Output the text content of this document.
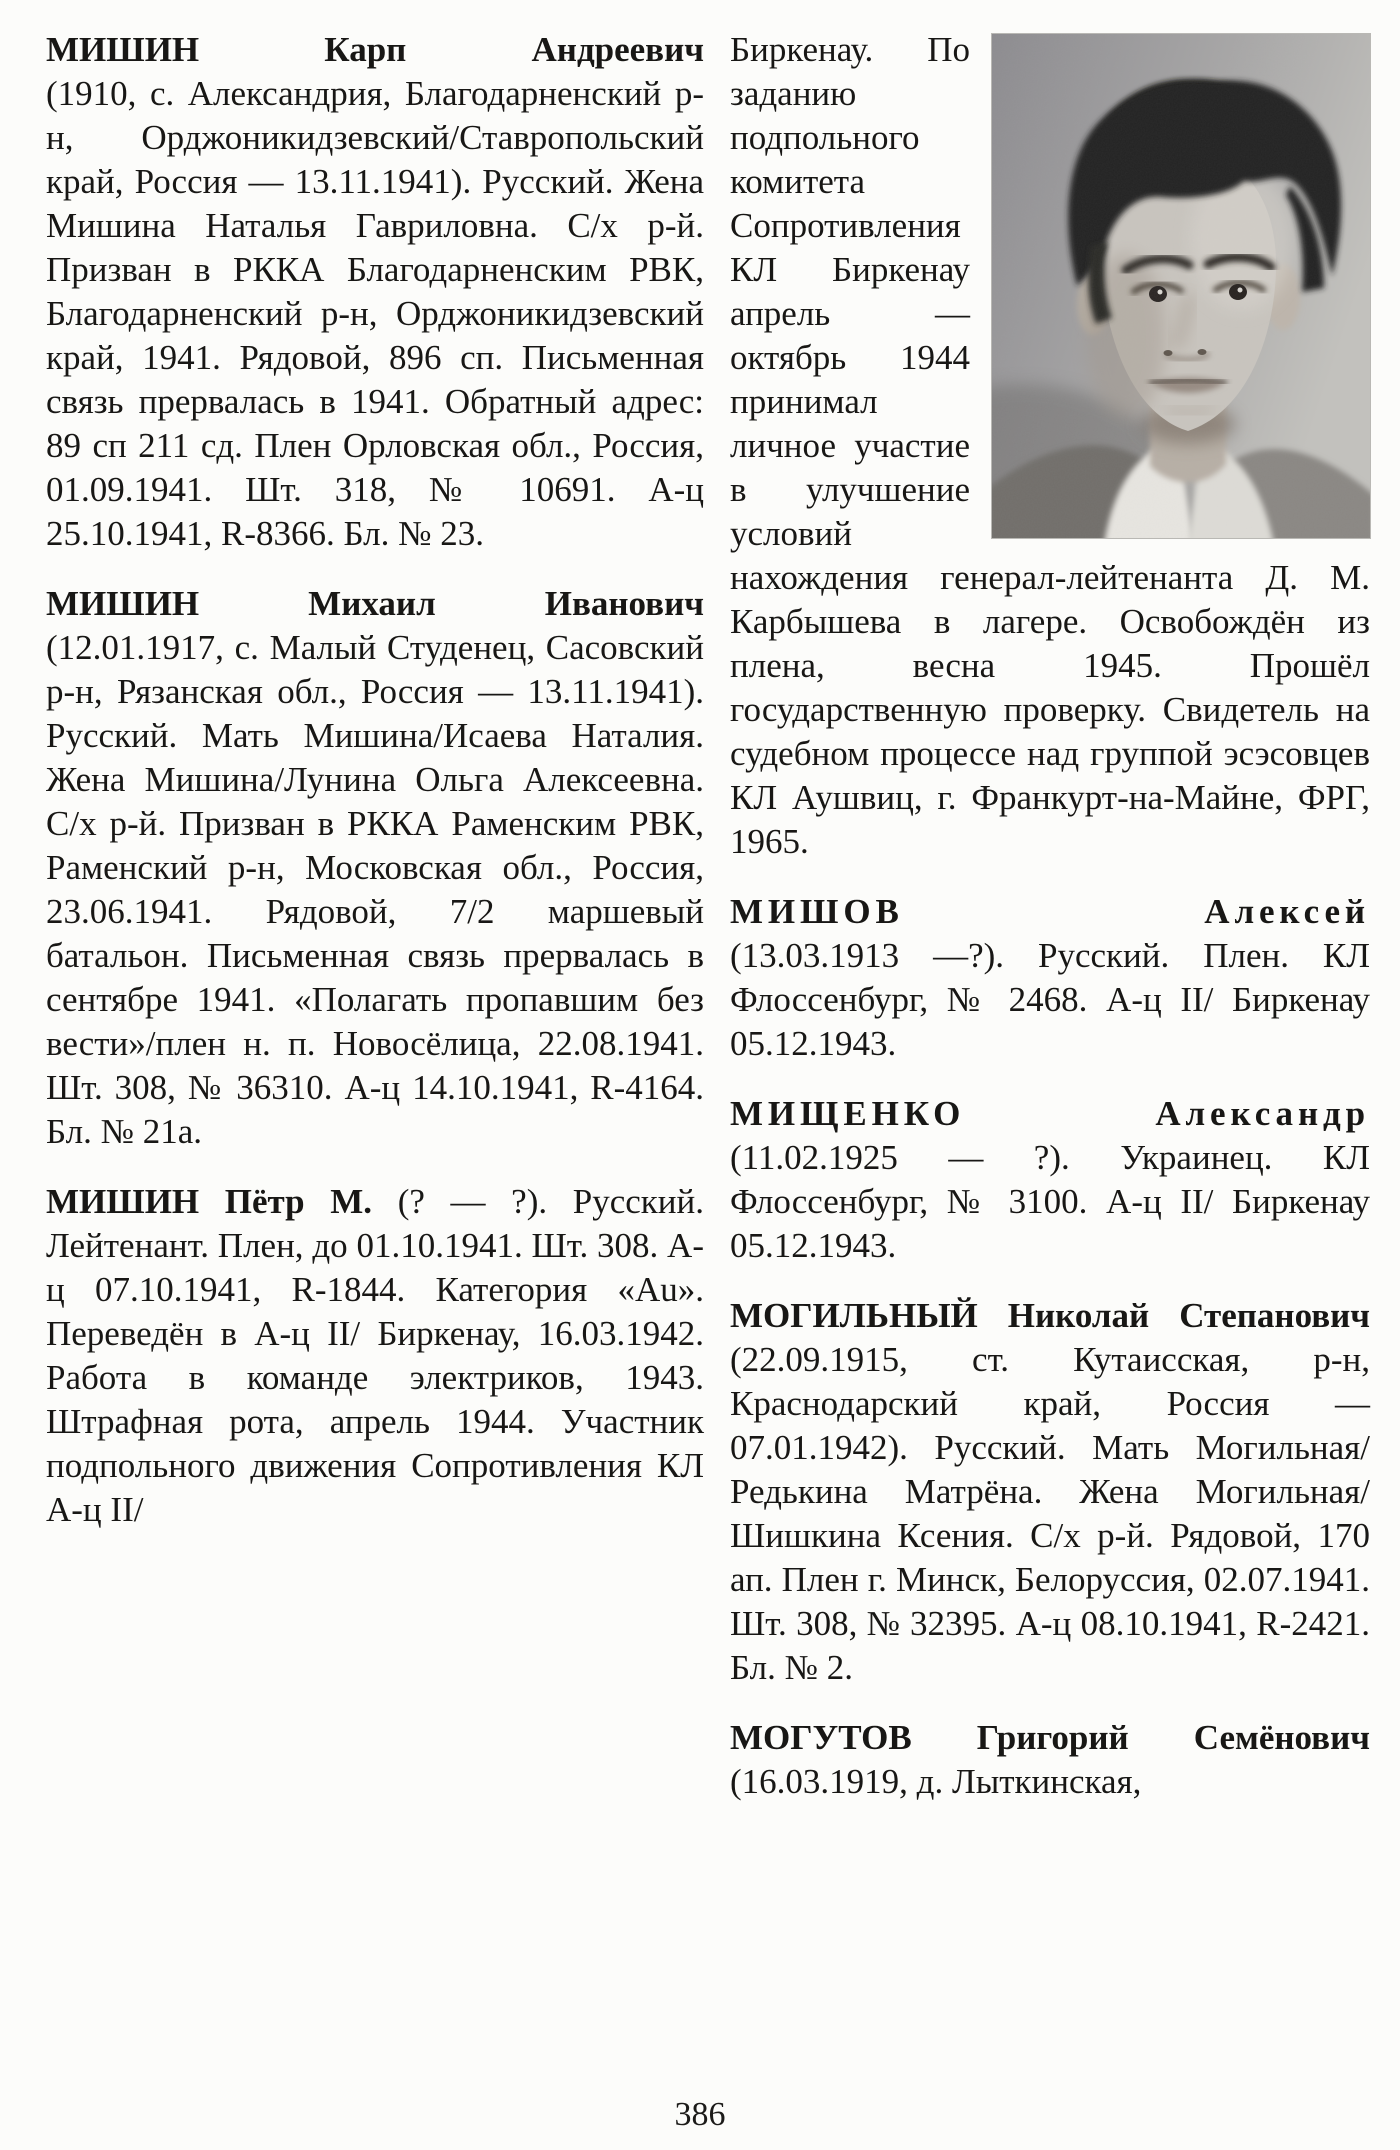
МИШИН Карп Андреевич

(1910, с. Александрия, Благодарненский р-н, Орджоникидзевский/Ставропольский край, Россия — 13.11.1941). Русский. Жена Мишина Наталья Гавриловна. С/х р-й. Призван в РККА Благодарненским РВК, Благодарненский р-н, Орджоникидзевский край, 1941. Рядовой, 896 сп. Письменная связь прервалась в 1941. Обратный адрес: 89 сп 211 сд. Плен Орловская обл., Россия, 01.09.1941. Шт. 318, № 10691. А-ц 25.10.1941, R-8366. Бл. № 23.

МИШИН Михаил Иванович

(12.01.1917, с. Малый Студенец, Сасовский р-н, Рязанская обл., Россия — 13.11.1941). Русский. Мать Мишина/Исаева Наталия. Жена Мишина/Лунина Ольга Алексеевна. С/х р-й. Призван в РККА Раменским РВК, Раменский р-н, Московская обл., Россия, 23.06.1941. Рядовой, 7/2 маршевый батальон. Письменная связь прервалась в сентябре 1941. «Полагать пропавшим без вести»/плен н. п. Новосёлица, 22.08.1941. Шт. 308, № 36310. А-ц 14.10.1941, R-4164. Бл. № 21а.

МИШИН Пётр М. (? — ?). Русский. Лейтенант. Плен, до 01.10.1941. Шт. 308. А-ц 07.10.1941, R-1844. Категория «Au». Переведён в А-ц II/ Биркенау, 16.03.1942. Работа в команде электриков, 1943. Штрафная рота, апрель 1944. Участник подпольного движения Сопротивления КЛ А-ц II/

Биркенау. По заданию подпольного комитета Сопротивления КЛ Биркенау апрель — октябрь 1944 принимал личное участие в улучшение условий нахождения генерал-лейтенанта Д. М. Карбышева в лагере. Освобождён из плена, весна 1945. Прошёл государственную проверку. Свидетель на судебном процессе над группой эсэсовцев КЛ Аушвиц, г. Франкурт-на-Майне, ФРГ, 1965.

МИШОВ Алексей

(13.03.1913 —?). Русский. Плен. КЛ Флоссенбург, № 2468. А-ц II/ Биркенау 05.12.1943.

МИЩЕНКО Александр

(11.02.1925 — ?). Украинец. КЛ Флоссенбург, № 3100. А-ц II/ Биркенау 05.12.1943.

МОГИЛЬНЫЙ Николай Степанович (22.09.1915, ст. Кутаисская, р-н, Краснодарский край, Россия — 07.01.1942). Русский. Мать Могильная/Редькина Матрёна. Жена Могильная/Шишкина Ксения. С/х р-й. Рядовой, 170 ап. Плен г. Минск, Белоруссия, 02.07.1941. Шт. 308, № 32395. А-ц 08.10.1941, R-2421. Бл. № 2.

МОГУТОВ Григорий Семёнович (16.03.1919, д. Лыткинская,

386
